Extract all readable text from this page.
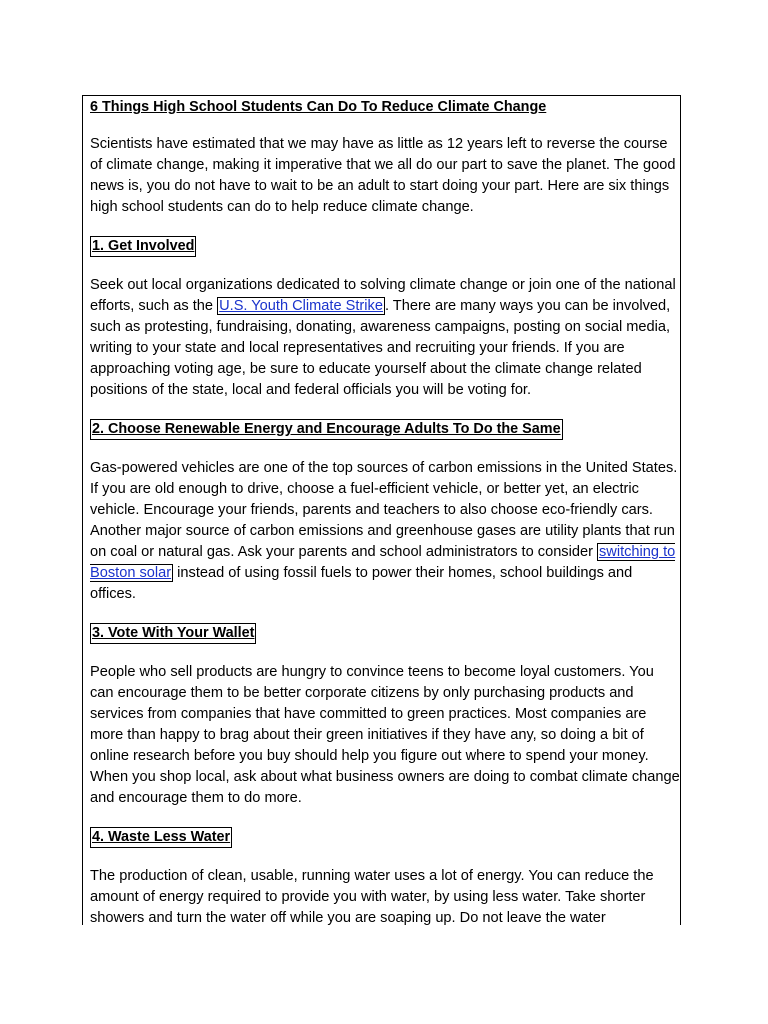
6 Things High School Students Can Do To Reduce Climate Change

Scientists have estimated that we may have as little as 12 years left to reverse the course of climate change, making it imperative that we all do our part to save the planet. The good news is, you do not have to wait to be an adult to start doing your part. Here are six things high school students can do to help reduce climate change.

1. Get Involved

Seek out local organizations dedicated to solving climate change or join one of the national efforts, such as the U.S. Youth Climate Strike . There are many ways you can be involved, such as protesting, fundraising, donating, awareness campaigns, posting on social media, writing to your state and local representatives and recruiting your friends. If you are approaching voting age, be sure to educate yourself about the climate change related positions of the state, local and federal officials you will be voting for.

2. Choose Renewable Energy and Encourage Adults To Do the Same

Gas-powered vehicles are one of the top sources of carbon emissions in the United States. If you are old enough to drive, choose a fuel-efficient vehicle, or better yet, an electric vehicle. Encourage your friends, parents and teachers to also choose eco-friendly cars. Another major source of carbon emissions and greenhouse gases are utility plants that run on coal or natural gas. Ask your parents and school administrators to consider switching to Boston solar instead of using fossil fuels to power their homes, school buildings and offices.

3. Vote With Your Wallet

People who sell products are hungry to convince teens to become loyal customers. You can encourage them to be better corporate citizens by only purchasing products and services from companies that have committed to green practices. Most companies are more than happy to brag about their green initiatives if they have any, so doing a bit of online research before you buy should help you figure out where to spend your money. When you shop local, ask about what business owners are doing to combat climate change and encourage them to do more.

4. Waste Less Water

The production of clean, usable, running water uses a lot of energy. You can reduce the amount of energy required to provide you with water, by using less water. Take shorter showers and turn the water off while you are soaping up. Do not leave the water
